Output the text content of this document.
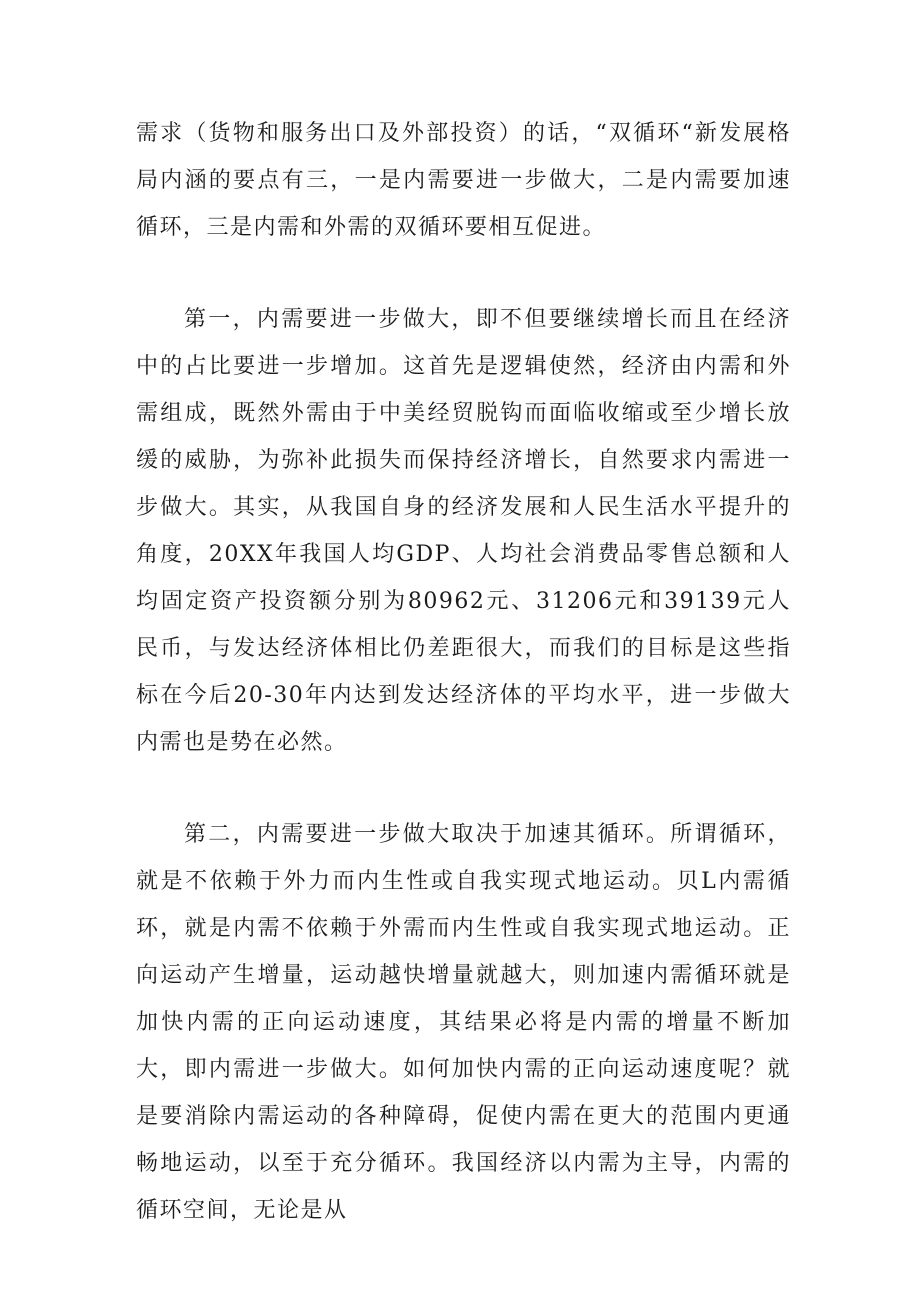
需求（货物和服务出口及外部投资）的话，“双循环“新发展格局内涵的要点有三，一是内需要进一步做大，二是内需要加速循环，三是内需和外需的双循环要相互促进。

第一，内需要进一步做大，即不但要继续增长而且在经济中的占比要进一步增加。这首先是逻辑使然，经济由内需和外需组成，既然外需由于中美经贸脱钩而面临收缩或至少增长放缓的威胁，为弥补此损失而保持经济增长，自然要求内需进一步做大。其实，从我国自身的经济发展和人民生活水平提升的角度，20XX年我国人均GDP、人均社会消费品零售总额和人均固定资产投资额分别为80962元、31206元和39139元人民币，与发达经济体相比仍差距很大，而我们的目标是这些指标在今后20-30年内达到发达经济体的平均水平，进一步做大内需也是势在必然。

第二，内需要进一步做大取决于加速其循环。所谓循环，就是不依赖于外力而内生性或自我实现式地运动。贝L内需循环，就是内需不依赖于外需而内生性或自我实现式地运动。正向运动产生增量，运动越快增量就越大，则加速内需循环就是加快内需的正向运动速度，其结果必将是内需的增量不断加大，即内需进一步做大。如何加快内需的正向运动速度呢？就是要消除内需运动的各种障碍，促使内需在更大的范围内更通畅地运动，以至于充分循环。我国经济以内需为主导，内需的循环空间，无论是从
